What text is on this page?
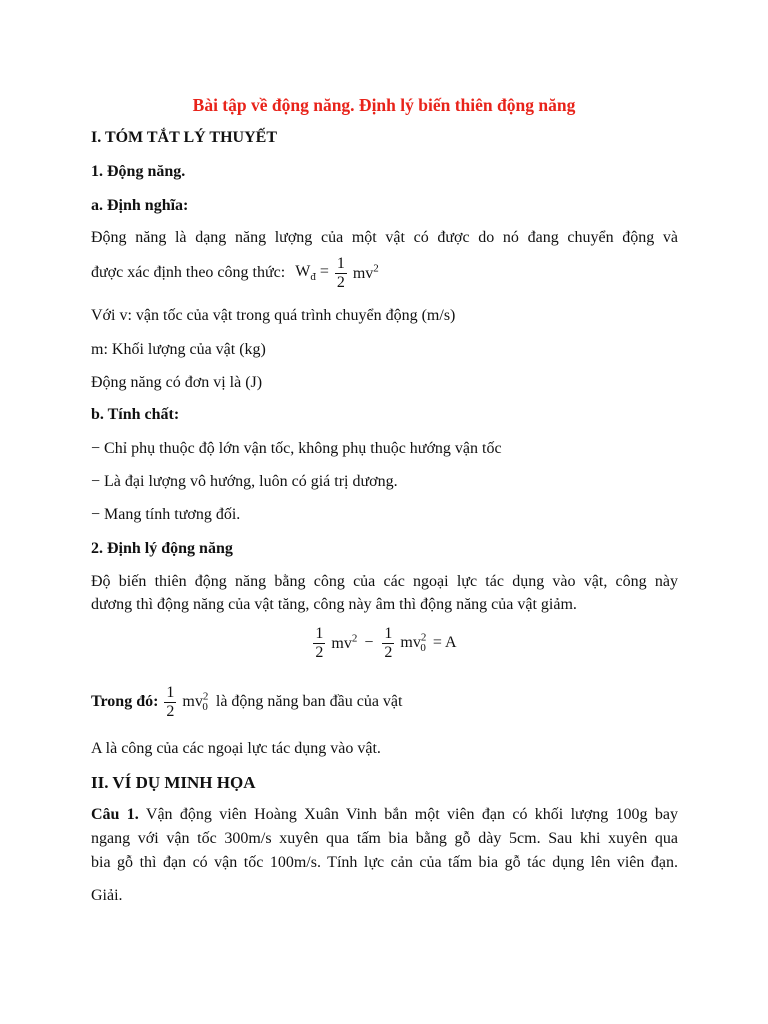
Bài tập về động năng. Định lý biến thiên động năng
I. TÓM TẮT LÝ THUYẾT
1. Động năng.
a. Định nghĩa:
Động năng là dạng năng lượng của một vật có được do nó đang chuyển động và
được xác định theo công thức: $W_đ = \frac{1}{2} mv^2$
Với v: vận tốc của vật trong quá trình chuyển động (m/s)
m: Khối lượng của vật (kg)
Động năng có đơn vị là (J)
b. Tính chất:
− Chỉ phụ thuộc độ lớn vận tốc, không phụ thuộc hướng vận tốc
− Là đại lượng vô hướng, luôn có giá trị dương.
− Mang tính tương đối.
2. Định lý động năng
Độ biến thiên động năng bằng công của các ngoại lực tác dụng vào vật, công này
dương thì động năng của vật tăng, công này âm thì động năng của vật giảm.
$\frac{1}{2} mv^2 - \frac{1}{2} mv^2_0 = A$
Trong đó: $\frac{1}{2} mv^2_0$ là động năng ban đầu của vật
A là công của các ngoại lực tác dụng vào vật.
II. VÍ DỤ MINH HỌA
Câu 1. Vận động viên Hoàng Xuân Vinh bắn một viên đạn có khối lượng 100g bay
ngang với vận tốc 300m/s xuyên qua tấm bia bằng gỗ dày 5cm. Sau khi xuyên qua
bia gỗ thì đạn có vận tốc 100m/s. Tính lực cản của tấm bia gỗ tác dụng lên viên đạn.
Giải.
